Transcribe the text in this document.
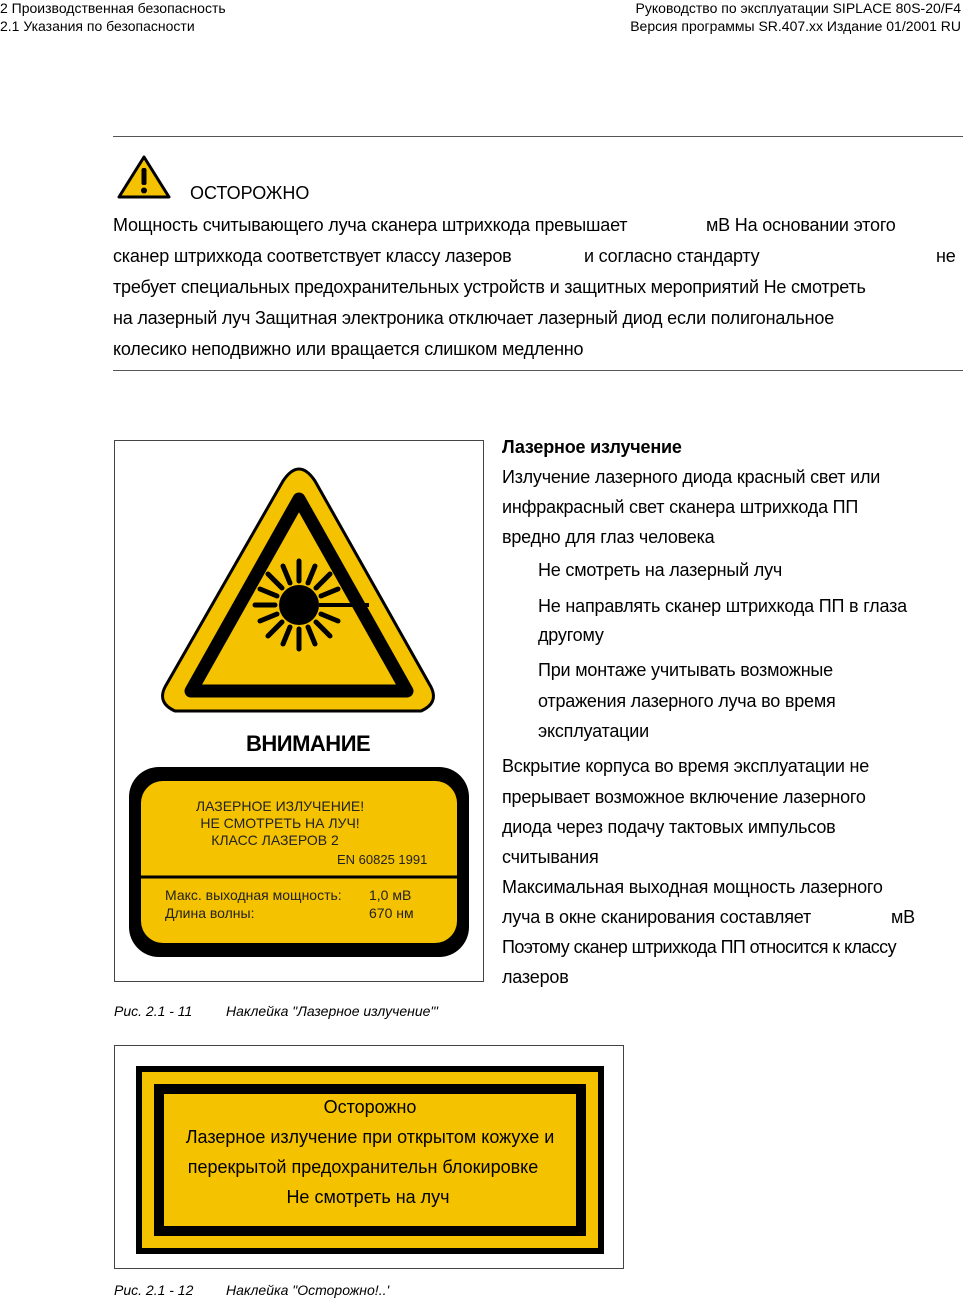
2 Производственная безопасность
2.1 Указания по безопасности
Руководство по эксплуатации SIPLACE 80S-20/F4
Версия программы SR.407.xx Издание 01/2001 RU
ОСТОРОЖНО
Мощность считывающего луча сканера штрихкода превышает	мВ На основании этого
сканер штрихкода соответствует классу лазеров	и согласно стандарту	не
требует специальных предохранительных устройств и защитных мероприятий Не смотреть
на лазерный луч Защитная электроника отключает лазерный диод если полигональное
колесико неподвижно или вращается слишком медленно
ВНИМАНИЕ
ЛАЗЕРНОЕ ИЗЛУЧЕНИЕ!
НЕ СМОТРЕТЬ НА ЛУЧ!
КЛАСС ЛАЗЕРОВ 2
EN 60825 1991
Макс. выходная мощность: 1,0 мВ
Длина волны:	670 нм
Рис. 2.1 - 11 Наклейка "Лазерное излучение"'
Лазерное излучение
Излучение лазерного диода красный свет или
инфракрасный свет сканера штрихкода ПП
вредно для глаз человека
Не смотреть на лазерный луч
Не направлять сканер штрихкода ПП в глаза
другому
При монтаже учитывать возможные
отражения лазерного луча во время
эксплуатации
Вскрытие корпуса во время эксплуатации не
прерывает возможное включение лазерного
диода через подачу тактовых импульсов
считывания
Максимальная выходная мощность лазерного
луча в окне сканирования составляет	мВ
Поэтому сканер штрихкода ПП относится к классу
лазеров
Осторожно
Лазерное излучение при открытом кожухе и
перекрытой предохранительн блокировке
Не смотреть на луч
Рис. 2.1 - 12 Наклейка "Осторожно!..'
